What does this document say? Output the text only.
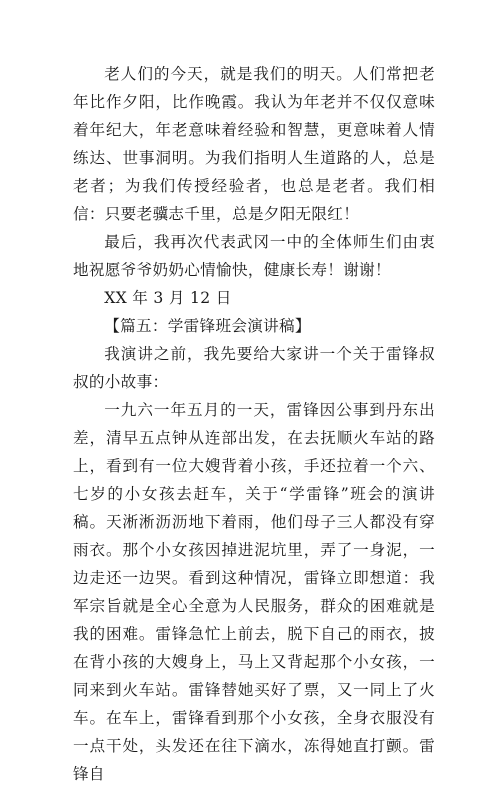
老人们的今天，就是我们的明天。人们常把老年比作夕阳，比作晚霞。我认为年老并不仅仅意味着年纪大，年老意味着经验和智慧，更意味着人情练达、世事洞明。为我们指明人生道路的人，总是老者；为我们传授经验者，也总是老者。我们相信：只要老骥志千里，总是夕阳无限红！

最后，我再次代表武冈一中的全体师生们由衷地祝愿爷爷奶奶心情愉快，健康长寿！谢谢！

XX 年 3 月 12 日

【篇五：学雷锋班会演讲稿】

我演讲之前，我先要给大家讲一个关于雷锋叔叔的小故事：

一九六一年五月的一天，雷锋因公事到丹东出差，清早五点钟从连部出发，在去抚顺火车站的路上，看到有一位大嫂背着小孩，手还拉着一个六、七岁的小女孩去赶车，关于“学雷锋”班会的演讲稿。天淅淅沥沥地下着雨，他们母子三人都没有穿雨衣。那个小女孩因掉进泥坑里，弄了一身泥，一边走还一边哭。看到这种情况，雷锋立即想道：我军宗旨就是全心全意为人民服务，群众的困难就是我的困难。雷锋急忙上前去，脱下自己的雨衣，披在背小孩的大嫂身上，马上又背起那个小女孩，一同来到火车站。雷锋替她买好了票，又一同上了火车。在车上，雷锋看到那个小女孩，全身衣服没有一点干处，头发还在往下滴水，冻得她直打颤。雷锋自
